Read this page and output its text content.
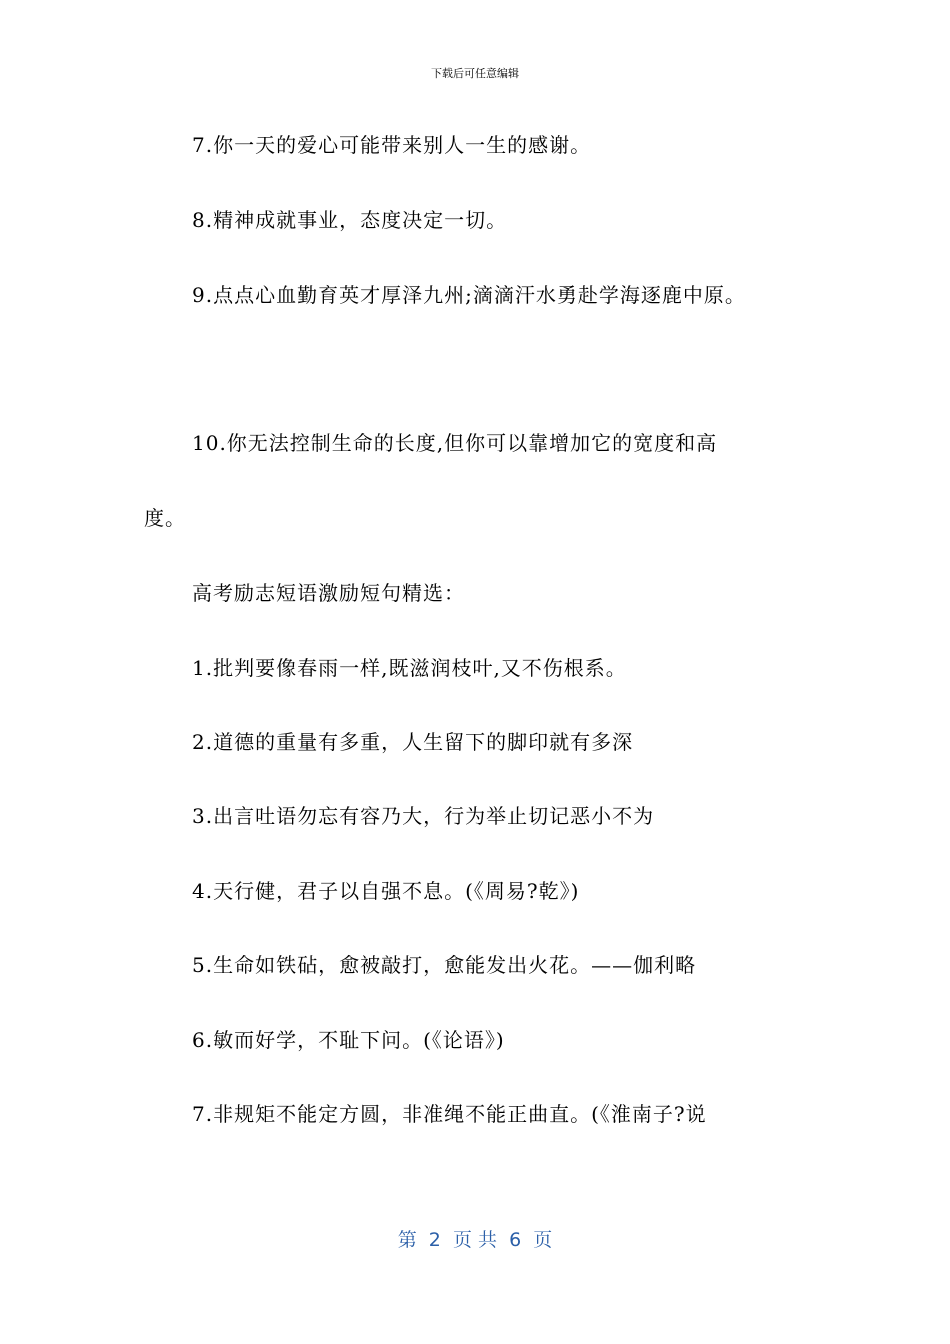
下载后可任意编辑
7.你一天的爱心可能带来别人一生的感谢。
8.精神成就事业，态度决定一切。
9.点点心血勤育英才厚泽九州;滴滴汗水勇赴学海逐鹿中原。
10.你无法控制生命的长度,但你可以靠增加它的宽度和高
度。
高考励志短语激励短句精选：
1.批判要像春雨一样,既滋润枝叶,又不伤根系。
2.道德的重量有多重，人生留下的脚印就有多深
3.出言吐语勿忘有容乃大，行为举止切记恶小不为
4.天行健，君子以自强不息。(《周易?乾》)
5.生命如铁砧，愈被敲打，愈能发出火花。——伽利略
6.敏而好学，不耻下问。(《论语》)
7.非规矩不能定方圆，非准绳不能正曲直。(《淮南子?说
第  2  页 共  6  页
